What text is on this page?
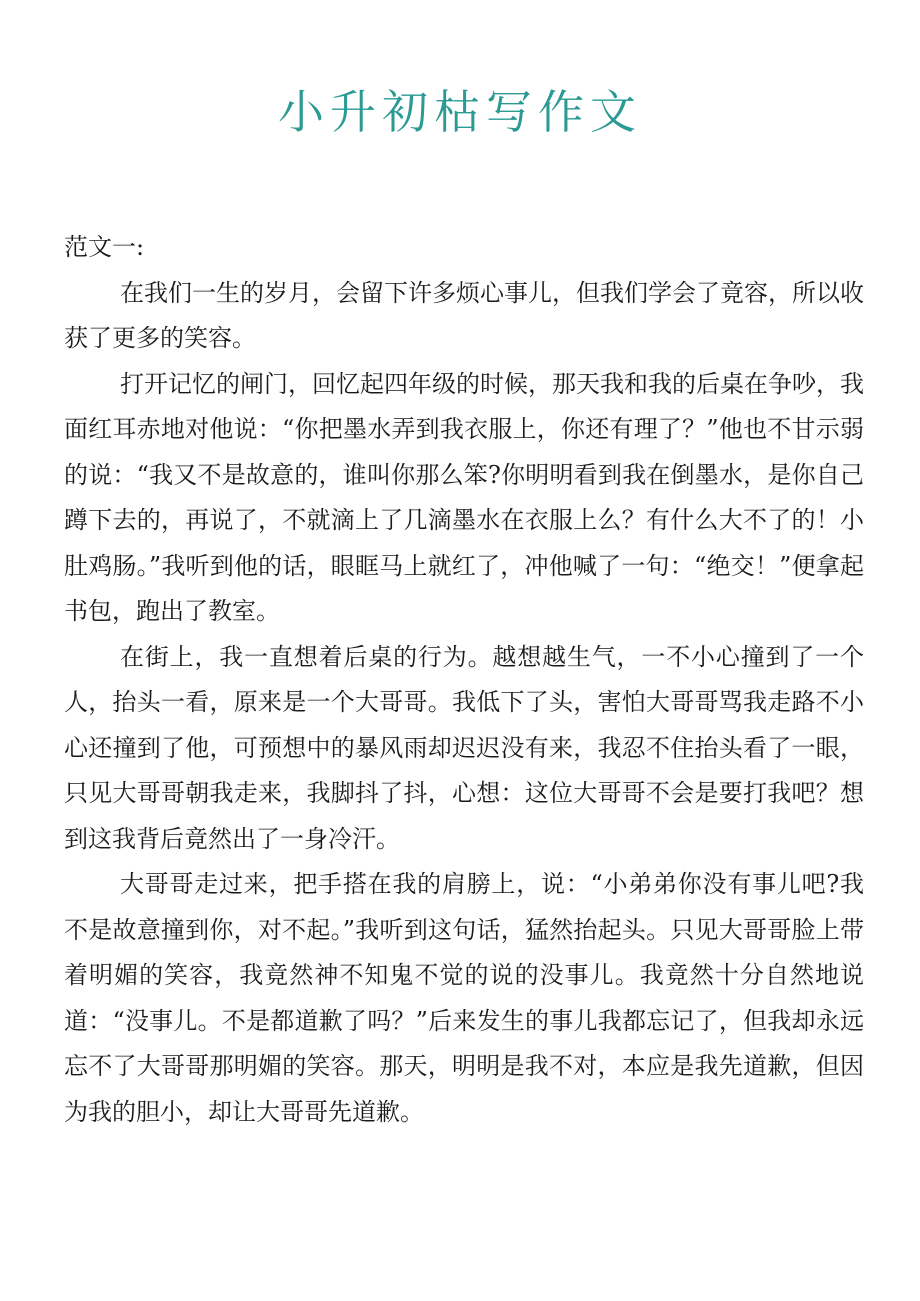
小升初枯写作文

范文一:

在我们一生的岁月，会留下许多烦心事儿，但我们学会了竟容，所以收获了更多的笑容。

打开记忆的闸门，回忆起四年级的时候，那天我和我的后桌在争吵，我面红耳赤地对他说：“你把墨水弄到我衣服上，你还有理了？”他也不甘示弱的说：“我又不是故意的，谁叫你那么笨?你明明看到我在倒墨水，是你自己蹲下去的，再说了，不就滴上了几滴墨水在衣服上么？有什么大不了的！小肚鸡肠。”我听到他的话，眼眶马上就红了，冲他喊了一句：“绝交！”便拿起书包，跑出了教室。

在街上，我一直想着后桌的行为。越想越生气，一不小心撞到了一个人，抬头一看，原来是一个大哥哥。我低下了头，害怕大哥哥骂我走路不小心还撞到了他，可预想中的暴风雨却迟迟没有来，我忍不住抬头看了一眼，只见大哥哥朝我走来，我脚抖了抖，心想：这位大哥哥不会是要打我吧？想到这我背后竟然出了一身冷汗。

大哥哥走过来，把手搭在我的肩膀上，说：“小弟弟你没有事儿吧?我不是故意撞到你，对不起。”我听到这句话，猛然抬起头。只见大哥哥脸上带着明媚的笑容，我竟然神不知鬼不觉的说的没事儿。我竟然十分自然地说道：“没事儿。不是都道歉了吗？”后来发生的事儿我都忘记了，但我却永远忘不了大哥哥那明媚的笑容。那天，明明是我不对，本应是我先道歉，但因为我的胆小，却让大哥哥先道歉。
